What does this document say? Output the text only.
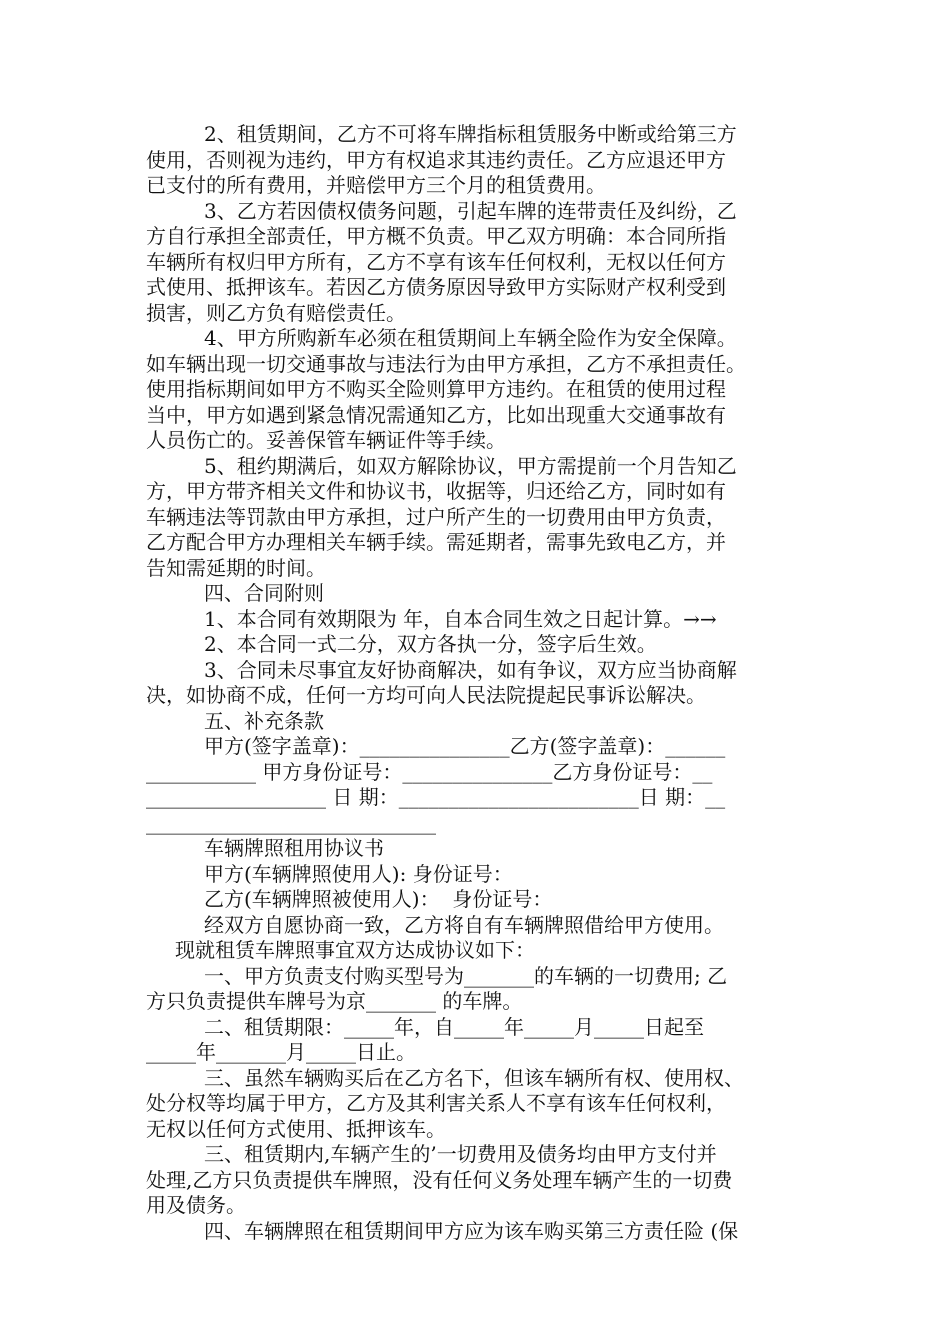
2、租赁期间，乙方不可将车牌指标租赁服务中断或给第三方
使用，否则视为违约，甲方有权追求其违约责任。乙方应退还甲方
已支付的所有费用，并赔偿甲方三个月的租赁费用。
3、乙方若因债权债务问题，引起车牌的连带责任及纠纷，乙
方自行承担全部责任，甲方概不负责。甲乙双方明确：本合同所指
车辆所有权归甲方所有，乙方不享有该车任何权利，无权以任何方
式使用、抵押该车。若因乙方债务原因导致甲方实际财产权利受到
损害，则乙方负有赔偿责任。
4、甲方所购新车必须在租赁期间上车辆全险作为安全保障。
如车辆出现一切交通事故与违法行为由甲方承担，乙方不承担责任。
使用指标期间如甲方不购买全险则算甲方违约。在租赁的使用过程
当中，甲方如遇到紧急情况需通知乙方，比如出现重大交通事故有
人员伤亡的。妥善保管车辆证件等手续。
5、租约期满后，如双方解除协议，甲方需提前一个月告知乙
方，甲方带齐相关文件和协议书，收据等，归还给乙方，同时如有
车辆违法等罚款由甲方承担，过户所产生的一切费用由甲方负责，
乙方配合甲方办理相关车辆手续。需延期者，需事先致电乙方，并
告知需延期的时间。
四、合同附则
1、本合同有效期限为 年，自本合同生效之日起计算。→→
2、本合同一式二分，双方各执一分，签字后生效。
3、合同未尽事宜友好协商解决，如有争议，双方应当协商解
决，如协商不成，任何一方均可向人民法院提起民事诉讼解决。
五、补充条款
甲方(签字盖章)：_______________乙方(签字盖章)：______
___________ 甲方身份证号：_______________乙方身份证号：__
__________________ 日 期：________________________日 期：__
_____________________________
车辆牌照租用协议书
甲方(车辆牌照使用人): 身份证号：
乙方(车辆牌照被使用人)：  身份证号：
经双方自愿协商一致，乙方将自有车辆牌照借给甲方使用。
现就租赁车牌照事宜双方达成协议如下：
一、甲方负责支付购买型号为_______的车辆的一切费用; 乙
方只负责提供车牌号为京_______ 的车牌。
二、租赁期限：_____年，自_____年_____月_____日起至
_____年_______月_____日止。
三、虽然车辆购买后在乙方名下，但该车辆所有权、使用权、
处分权等均属于甲方，乙方及其利害关系人不享有该车任何权利，
无权以任何方式使用、抵押该车。
三、租赁期内,车辆产生的’一切费用及债务均由甲方支付并
处理,乙方只负责提供车牌照，没有任何义务处理车辆产生的一切费
用及债务。
四、车辆牌照在租赁期间甲方应为该车购买第三方责任险 (保
